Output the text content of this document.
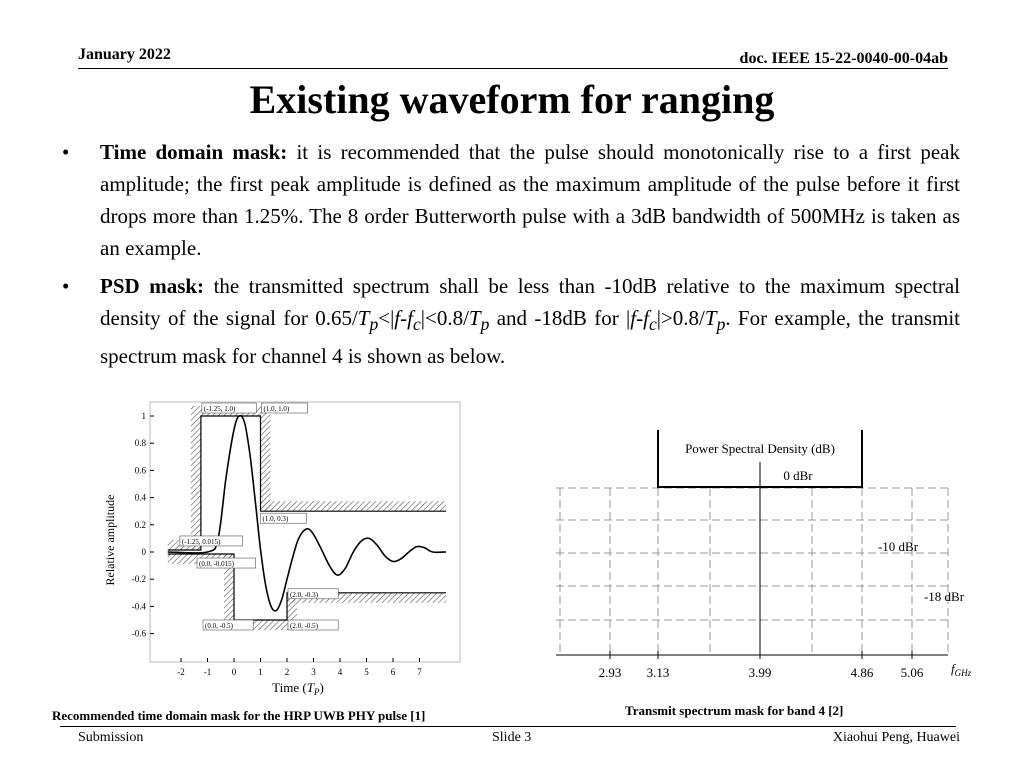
January 2022	doc. IEEE 15-22-0040-00-04ab
Existing waveform for ranging
• Time domain mask: it is recommended that the pulse should monotonically rise to a first peak amplitude; the first peak amplitude is defined as the maximum amplitude of the pulse before it first drops more than 1.25%. The 8 order Butterworth pulse with a 3dB bandwidth of 500MHz is taken as an example.
• PSD mask: the transmitted spectrum shall be less than -10dB relative to the maximum spectral density of the signal for $0.65/T_p<|f-f_c|<0.8/T_p$ and -18dB for $|f-f_c|>0.8/T_p$. For example, the transmit spectrum mask for channel 4 is shown as below.
1
0.8
0.6
0.4
0.2
0
-0.2
-0.4
-0.6
-2 -1 0 1 2 3 4 5 6 7
(-1.25, 1.0)	(1.0, 1.0)
(1.0, 0.3)
(-1.25, 0.015)
(0.0, -0.015)
(2.0, -0.3)
(0.0, -0.5)	(2.0, -0.5)
Relative amplitude
Time $(T_P)$
Power Spectral Density (dB)
0 dBr
-10 dBr
-18 dBr
2.93 3.13	3.99	4.86 5.06 $f_{GHz}$
Recommended time domain mask for the HRP UWB PHY pulse [1]	Transmit spectrum mask for band 4 [2]
Submission	Slide 3	Xiaohui Peng, Huawei
